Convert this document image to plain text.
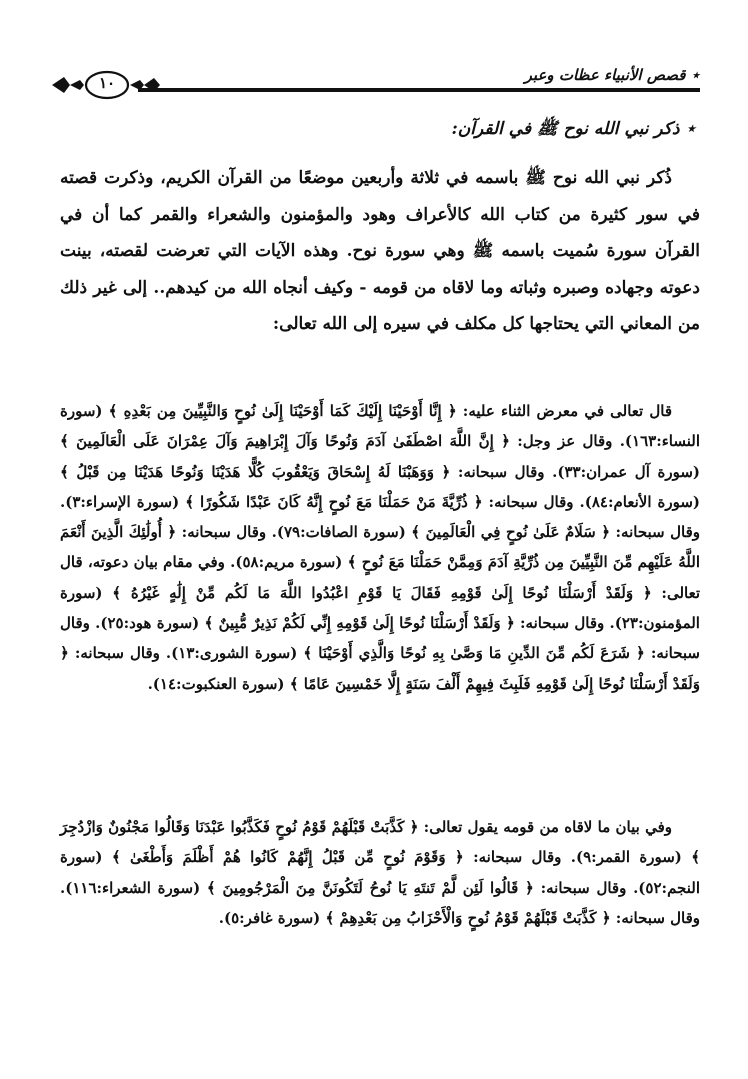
⋆ قصص الأنبياء عظات وعبر
١٠
⋆ ذكر نبي الله نوح ﷺ في القرآن:
ذُكر نبي الله نوح ﷺ باسمه في ثلاثة وأربعين موضعًا من القرآن الكريم، وذكرت قصته في سور كثيرة من كتاب الله كالأعراف وهود والمؤمنون والشعراء والقمر كما أن في القرآن سورة سُميت باسمه ﷺ وهي سورة نوح. وهذه الآيات التي تعرضت لقصته، بينت دعوته وجهاده وصبره وثباته وما لاقاه من قومه - وكيف أنجاه الله من كيدهم.. إلى غير ذلك من المعاني التي يحتاجها كل مكلف في سيره إلى الله تعالى:
قال تعالى في معرض الثناء عليه: ﴿ إِنَّا أَوْحَيْنَا إِلَيْكَ كَمَا أَوْحَيْنَا إِلَىٰ نُوحٍ وَالنَّبِيِّينَ مِن بَعْدِهِ ﴾ (سورة النساء:١٦٣). وقال عز وجل: ﴿ إِنَّ اللَّهَ اصْطَفَىٰ آدَمَ وَنُوحًا وَآلَ إِبْرَاهِيمَ وَآلَ عِمْرَانَ عَلَى الْعَالَمِينَ ﴾ (سورة آل عمران:٣٣). وقال سبحانه: ﴿ وَوَهَبْنَا لَهُ إِسْحَاقَ وَيَعْقُوبَ كُلًّا هَدَيْنَا وَنُوحًا هَدَيْنَا مِن قَبْلُ ﴾ (سورة الأنعام:٨٤). وقال سبحانه: ﴿ ذُرِّيَّةَ مَنْ حَمَلْنَا مَعَ نُوحٍ إِنَّهُ كَانَ عَبْدًا شَكُورًا ﴾ (سورة الإسراء:٣). وقال سبحانه: ﴿ سَلَامٌ عَلَىٰ نُوحٍ فِي الْعَالَمِينَ ﴾ (سورة الصافات:٧٩). وقال سبحانه: ﴿ أُولَٰئِكَ الَّذِينَ أَنْعَمَ اللَّهُ عَلَيْهِم مِّنَ النَّبِيِّينَ مِن ذُرِّيَّةِ آدَمَ وَمِمَّنْ حَمَلْنَا مَعَ نُوحٍ ﴾ (سورة مريم:٥٨). وفي مقام بيان دعوته، قال تعالى: ﴿ وَلَقَدْ أَرْسَلْنَا نُوحًا إِلَىٰ قَوْمِهِ فَقَالَ يَا قَوْمِ اعْبُدُوا اللَّهَ مَا لَكُم مِّنْ إِلَٰهٍ غَيْرُهُ ﴾ (سورة المؤمنون:٢٣). وقال سبحانه: ﴿ وَلَقَدْ أَرْسَلْنَا نُوحًا إِلَىٰ قَوْمِهِ إِنِّي لَكُمْ نَذِيرٌ مُّبِينٌ ﴾ (سورة هود:٢٥). وقال سبحانه: ﴿ شَرَعَ لَكُم مِّنَ الدِّينِ مَا وَصَّىٰ بِهِ نُوحًا وَالَّذِي أَوْحَيْنَا ﴾ (سورة الشورى:١٣). وقال سبحانه: ﴿ وَلَقَدْ أَرْسَلْنَا نُوحًا إِلَىٰ قَوْمِهِ فَلَبِثَ فِيهِمْ أَلْفَ سَنَةٍ إِلَّا خَمْسِينَ عَامًا ﴾ (سورة العنكبوت:١٤).
وفي بيان ما لاقاه من قومه يقول تعالى: ﴿ كَذَّبَتْ قَبْلَهُمْ قَوْمُ نُوحٍ فَكَذَّبُوا عَبْدَنَا وَقَالُوا مَجْنُونٌ وَازْدُجِرَ ﴾ (سورة القمر:٩). وقال سبحانه: ﴿ وَقَوْمَ نُوحٍ مِّن قَبْلُ إِنَّهُمْ كَانُوا هُمْ أَظْلَمَ وَأَطْغَىٰ ﴾ (سورة النجم:٥٢). وقال سبحانه: ﴿ قَالُوا لَئِن لَّمْ تَنتَهِ يَا نُوحُ لَتَكُونَنَّ مِنَ الْمَرْجُومِينَ ﴾ (سورة الشعراء:١١٦). وقال سبحانه: ﴿ كَذَّبَتْ قَبْلَهُمْ قَوْمُ نُوحٍ وَالْأَحْزَابُ مِن بَعْدِهِمْ ﴾ (سورة غافر:٥).
